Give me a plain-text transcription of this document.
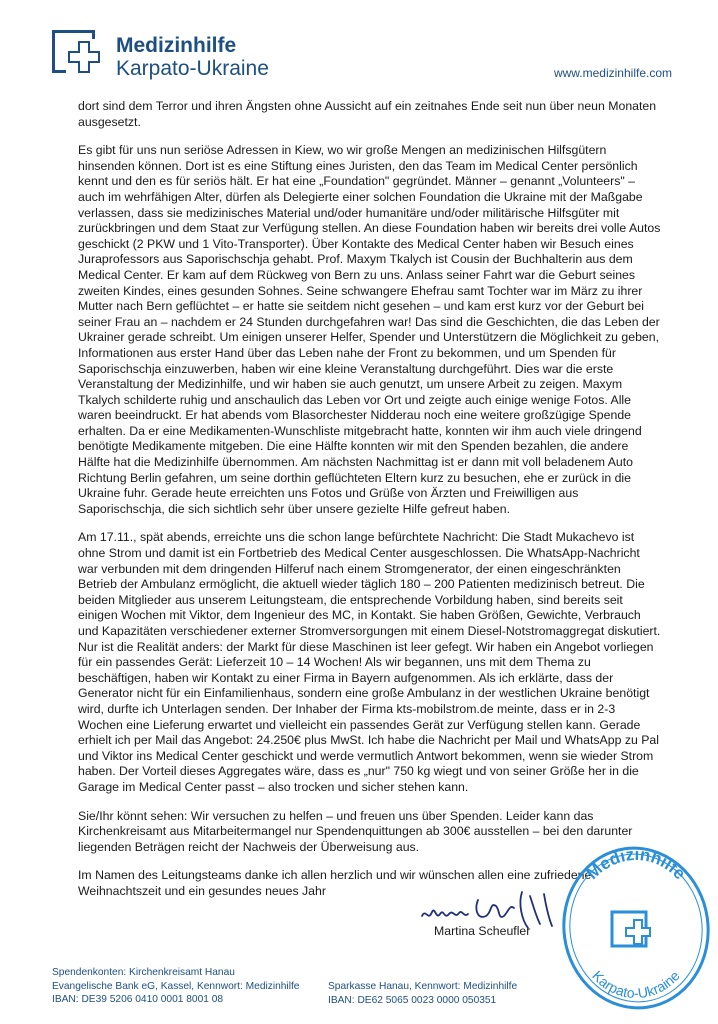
Medizinhilfe
Karpato-Ukraine	www.medizinhilfe.com

dort sind dem Terror und ihren Ängsten ohne Aussicht auf ein zeitnahes Ende seit nun über neun Monaten ausgesetzt.

Es gibt für uns nun seriöse Adressen in Kiew, wo wir große Mengen an medizinischen Hilfsgütern hinsenden können. Dort ist es eine Stiftung eines Juristen, den das Team im Medical Center persönlich kennt und den es für seriös hält. Er hat eine „Foundation" gegründet. Männer – genannt „Volunteers" – auch im wehrfähigen Alter, dürfen als Delegierte einer solchen Foundation die Ukraine mit der Maßgabe verlassen, dass sie medizinisches Material und/oder humanitäre und/oder militärische Hilfsgüter mit zurückbringen und dem Staat zur Verfügung stellen. An diese Foundation haben wir bereits drei volle Autos geschickt (2 PKW und 1 Vito-Transporter). Über Kontakte des Medical Center haben wir Besuch eines Juraprofessors aus Saporischschja gehabt. Prof. Maxym Tkalych ist Cousin der Buchhalterin aus dem Medical Center. Er kam auf dem Rückweg von Bern zu uns. Anlass seiner Fahrt war die Geburt seines zweiten Kindes, eines gesunden Sohnes. Seine schwangere Ehefrau samt Tochter war im März zu ihrer Mutter nach Bern geflüchtet – er hatte sie seitdem nicht gesehen – und kam erst kurz vor der Geburt bei seiner Frau an – nachdem er 24 Stunden durchgefahren war! Das sind die Geschichten, die das Leben der Ukrainer gerade schreibt. Um einigen unserer Helfer, Spender und Unterstützern die Möglichkeit zu geben, Informationen aus erster Hand über das Leben nahe der Front zu bekommen, und um Spenden für Saporischschja einzuwerben, haben wir eine kleine Veranstaltung durchgeführt. Dies war die erste Veranstaltung der Medizinhilfe, und wir haben sie auch genutzt, um unsere Arbeit zu zeigen. Maxym Tkalych schilderte ruhig und anschaulich das Leben vor Ort und zeigte auch einige wenige Fotos. Alle waren beeindruckt. Er hat abends vom Blasorchester Nidderau noch eine weitere großzügige Spende erhalten. Da er eine Medikamenten-Wunschliste mitgebracht hatte, konnten wir ihm auch viele dringend benötigte Medikamente mitgeben. Die eine Hälfte konnten wir mit den Spenden bezahlen, die andere Hälfte hat die Medizinhilfe übernommen. Am nächsten Nachmittag ist er dann mit voll beladenem Auto Richtung Berlin gefahren, um seine dorthin geflüchteten Eltern kurz zu besuchen, ehe er zurück in die Ukraine fuhr. Gerade heute erreichten uns Fotos und Grüße von Ärzten und Freiwilligen aus Saporischschja, die sich sichtlich sehr über unsere gezielte Hilfe gefreut haben.

Am 17.11., spät abends, erreichte uns die schon lange befürchtete Nachricht: Die Stadt Mukachevo ist ohne Strom und damit ist ein Fortbetrieb des Medical Center ausgeschlossen. Die WhatsApp-Nachricht war verbunden mit dem dringenden Hilferuf nach einem Stromgenerator, der einen eingeschränkten Betrieb der Ambulanz ermöglicht, die aktuell wieder täglich 180 – 200 Patienten medizinisch betreut. Die beiden Mitglieder aus unserem Leitungsteam, die entsprechende Vorbildung haben, sind bereits seit einigen Wochen mit Viktor, dem Ingenieur des MC, in Kontakt. Sie haben Größen, Gewichte, Verbrauch und Kapazitäten verschiedener externer Stromversorgungen mit einem Diesel-Notstromaggregat diskutiert. Nur ist die Realität anders: der Markt für diese Maschinen ist leer gefegt. Wir haben ein Angebot vorliegen für ein passendes Gerät: Lieferzeit 10 – 14 Wochen! Als wir begannen, uns mit dem Thema zu beschäftigen, haben wir Kontakt zu einer Firma in Bayern aufgenommen. Als ich erklärte, dass der Generator nicht für ein Einfamilienhaus, sondern eine große Ambulanz in der westlichen Ukraine benötigt wird, durfte ich Unterlagen senden. Der Inhaber der Firma kts-mobilstrom.de meinte, dass er in 2-3 Wochen eine Lieferung erwartet und vielleicht ein passendes Gerät zur Verfügung stellen kann. Gerade erhielt ich per Mail das Angebot: 24.250€ plus MwSt. Ich habe die Nachricht per Mail und WhatsApp zu Pal und Viktor ins Medical Center geschickt und werde vermutlich Antwort bekommen, wenn sie wieder Strom haben. Der Vorteil dieses Aggregates wäre, dass es „nur" 750 kg wiegt und von seiner Größe her in die Garage im Medical Center passt – also trocken und sicher stehen kann.

Sie/Ihr könnt sehen: Wir versuchen zu helfen – und freuen uns über Spenden. Leider kann das Kirchenkreisamt aus Mitarbeitermangel nur Spendenquittungen ab 300€ ausstellen – bei den darunter liegenden Beträgen reicht der Nachweis der Überweisung aus.

Im Namen des Leitungsteams danke ich allen herzlich und wir wünschen allen eine zufriedene Weihnachtszeit und ein gesundes neues Jahr

Martina Scheufler
Medizinhilfe
Karpato-Ukraine
Spendenkonten: Kirchenkreisamt Hanau
Evangelische Bank eG, Kassel, Kennwort: Medizinhilfe
IBAN: DE39 5206 0410 0001 8001 08
Sparkasse Hanau, Kennwort: Medizinhilfe
IBAN: DE62 5065 0023 0000 050351
